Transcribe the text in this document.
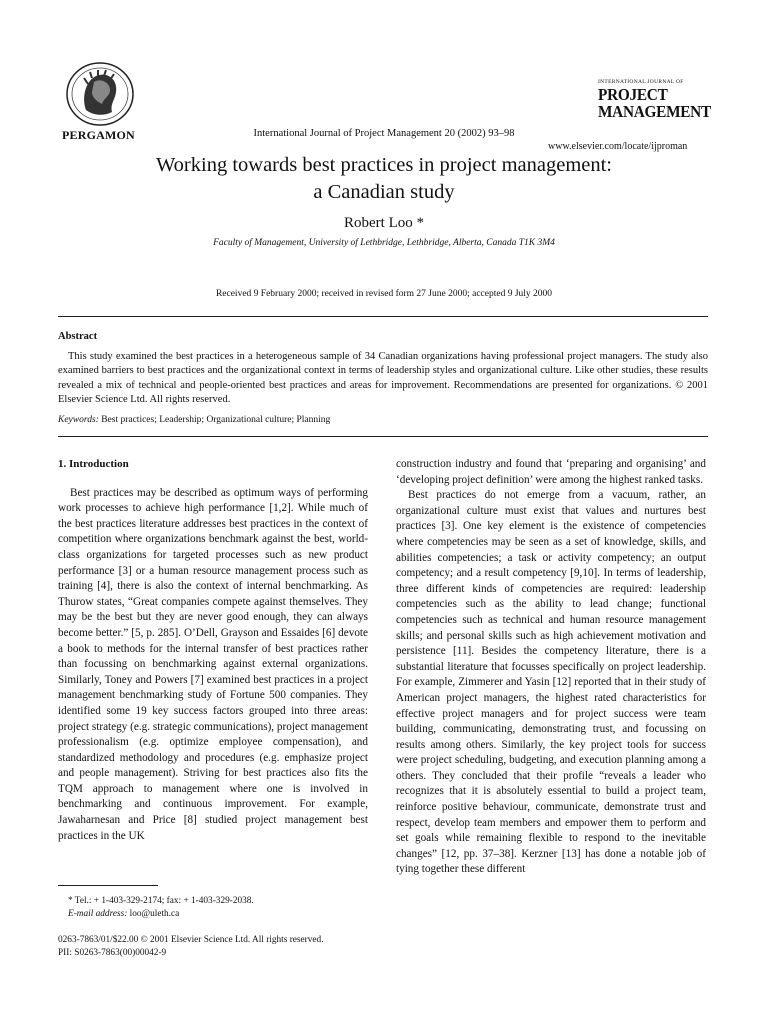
PERGAMON	International Journal of Project Management 20 (2002) 93–98
INTERNATIONAL JOURNAL OF
PROJECT
MANAGEMENT
www.elsevier.com/locate/ijproman
Working towards best practices in project management:
a Canadian study
Robert Loo *
Faculty of Management, University of Lethbridge, Lethbridge, Alberta, Canada T1K 3M4
Received 9 February 2000; received in revised form 27 June 2000; accepted 9 July 2000
Abstract
This study examined the best practices in a heterogeneous sample of 34 Canadian organizations having professional project managers. The study also examined barriers to best practices and the organizational context in terms of leadership styles and organizational culture. Like other studies, these results revealed a mix of technical and people-oriented best practices and areas for improvement. Recommendations are presented for organizations. © 2001 Elsevier Science Ltd. All rights reserved.
Keywords: Best practices; Leadership; Organizational culture; Planning
1. Introduction

Best practices may be described as optimum ways of performing work processes to achieve high performance [1,2]. While much of the best practices literature addresses best practices in the context of competition where organizations benchmark against the best, world-class organizations for targeted processes such as new product performance [3] or a human resource management process such as training [4], there is also the context of internal benchmarking. As Thurow states, “Great companies compete against themselves. They may be the best but they are never good enough, they can always become better.” [5, p. 285]. O’Dell, Grayson and Essaides [6] devote a book to methods for the internal transfer of best practices rather than focussing on benchmarking against external organizations. Similarly, Toney and Powers [7] examined best practices in a project management benchmarking study of Fortune 500 companies. They identified some 19 key success factors grouped into three areas: project strategy (e.g. strategic communications), project management professionalism (e.g. optimize employee compensation), and standardized methodology and procedures (e.g. emphasize project and people management). Striving for best practices also fits the TQM approach to management where one is involved in benchmarking and continuous improvement. For example, Jawaharnesan and Price [8] studied project management best practices in the UK

construction industry and found that ‘preparing and organising’ and ‘developing project definition’ were among the highest ranked tasks.

Best practices do not emerge from a vacuum, rather, an organizational culture must exist that values and nurtures best practices [3]. One key element is the existence of competencies where competencies may be seen as a set of knowledge, skills, and abilities competencies; a task or activity competency; an output competency; and a result competency [9,10]. In terms of leadership, three different kinds of competencies are required: leadership competencies such as the ability to lead change; functional competencies such as technical and human resource management skills; and personal skills such as high achievement motivation and persistence [11]. Besides the competency literature, there is a substantial literature that focusses specifically on project leadership. For example, Zimmerer and Yasin [12] reported that in their study of American project managers, the highest rated characteristics for effective project managers and for project success were team building, communicating, demonstrating trust, and focussing on results among others. Similarly, the key project tools for success were project scheduling, budgeting, and execution planning among a others. They concluded that their profile “reveals a leader who recognizes that it is absolutely essential to build a project team, reinforce positive behaviour, communicate, demonstrate trust and respect, develop team members and empower them to perform and set goals while remaining flexible to respond to the inevitable changes” [12, pp. 37–38]. Kerzner [13] has done a notable job of tying together these different

* Tel.: + 1-403-329-2174; fax: + 1-403-329-2038.
E-mail address: loo@uleth.ca
0263-7863/01/$22.00 © 2001 Elsevier Science Ltd. All rights reserved.
PII: S0263-7863(00)00042-9
